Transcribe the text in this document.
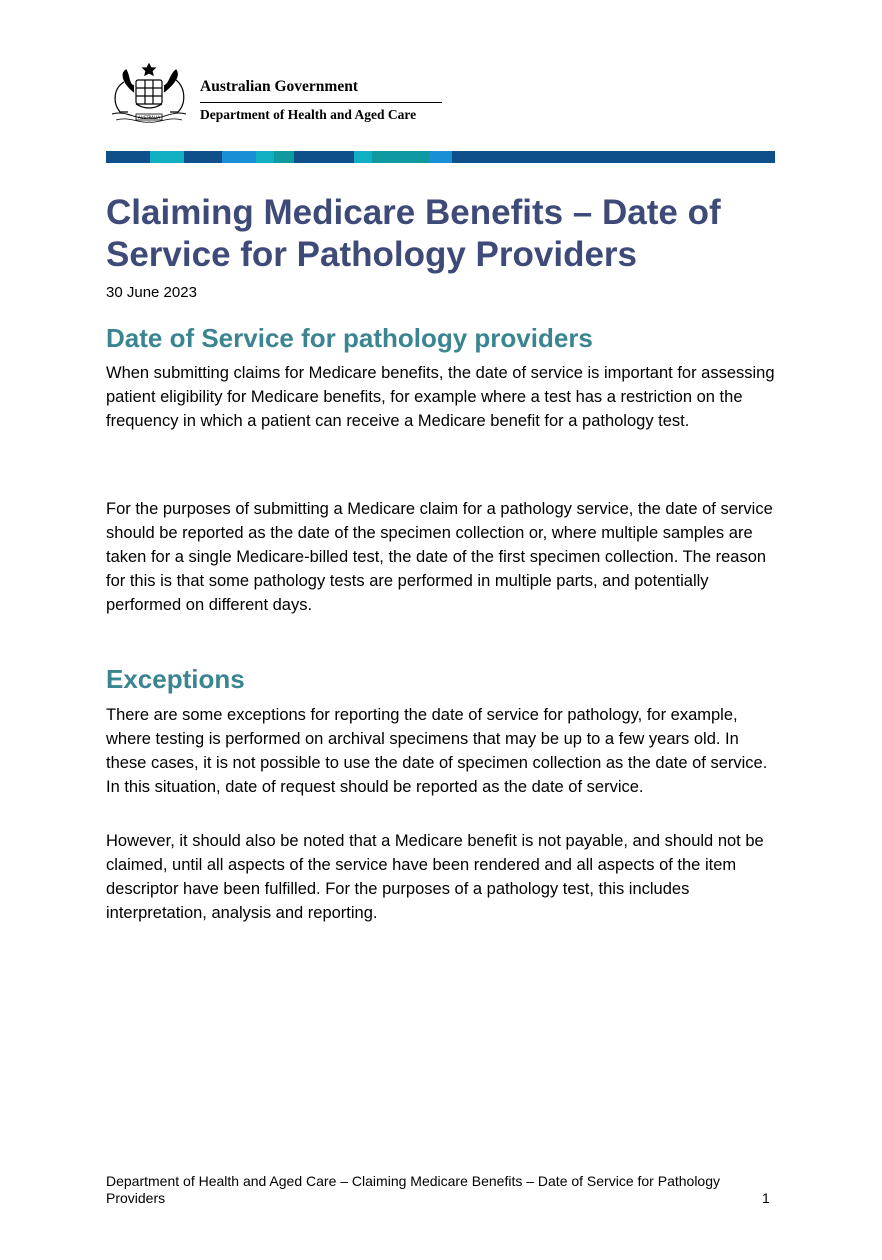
AUSTRALIA

Australian Government

Department of Health and Aged Care

Claiming Medicare Benefits – Date of Service for Pathology Providers

30 June 2023

Date of Service for pathology providers

When submitting claims for Medicare benefits, the date of service is important for assessing patient eligibility for Medicare benefits, for example where a test has a restriction on the frequency in which a patient can receive a Medicare benefit for a pathology test.

For the purposes of submitting a Medicare claim for a pathology service, the date of service should be reported as the date of the specimen collection or, where multiple samples are taken for a single Medicare-billed test, the date of the first specimen collection. The reason for this is that some pathology tests are performed in multiple parts, and potentially performed on different days.

Exceptions

There are some exceptions for reporting the date of service for pathology, for example, where testing is performed on archival specimens that may be up to a few years old. In these cases, it is not possible to use the date of specimen collection as the date of service. In this situation, date of request should be reported as the date of service.

However, it should also be noted that a Medicare benefit is not payable, and should not be claimed, until all aspects of the service have been rendered and all aspects of the item descriptor have been fulfilled. For the purposes of a pathology test, this includes interpretation, analysis and reporting.

Department of Health and Aged Care – Claiming Medicare Benefits – Date of Service for Pathology Providers	1
